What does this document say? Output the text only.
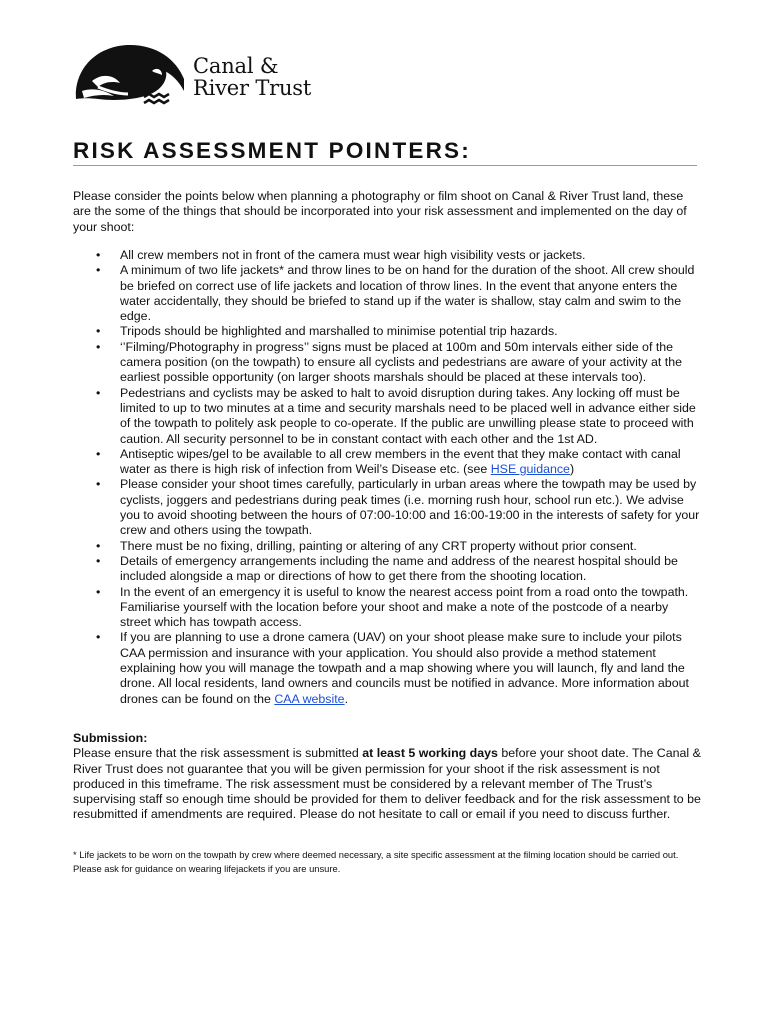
Canal &
River Trust
RISK ASSESSMENT POINTERS:

Please consider the points below when planning a photography or film shoot on Canal & River Trust land, these are the some of the things that should be incorporated into your risk assessment and implemented on the day of your shoot:

• All crew members not in front of the camera must wear high visibility vests or jackets.
• A minimum of two life jackets* and throw lines to be on hand for the duration of the shoot. All crew should be briefed on correct use of life jackets and location of throw lines. In the event that anyone enters the water accidentally, they should be briefed to stand up if the water is shallow, stay calm and swim to the edge.
• Tripods should be highlighted and marshalled to minimise potential trip hazards.
• ‘’Filming/Photography in progress’’ signs must be placed at 100m and 50m intervals either side of the camera position (on the towpath) to ensure all cyclists and pedestrians are aware of your activity at the earliest possible opportunity (on larger shoots marshals should be placed at these intervals too).
• Pedestrians and cyclists may be asked to halt to avoid disruption during takes. Any locking off must be limited to up to two minutes at a time and security marshals need to be placed well in advance either side of the towpath to politely ask people to co-operate. If the public are unwilling please state to proceed with caution. All security personnel to be in constant contact with each other and the 1st AD.
• Antiseptic wipes/gel to be available to all crew members in the event that they make contact with canal water as there is high risk of infection from Weil’s Disease etc. (see HSE guidance)
• Please consider your shoot times carefully, particularly in urban areas where the towpath may be used by cyclists, joggers and pedestrians during peak times (i.e. morning rush hour, school run etc.). We advise you to avoid shooting between the hours of 07:00-10:00 and 16:00-19:00 in the interests of safety for your crew and others using the towpath.
• There must be no fixing, drilling, painting or altering of any CRT property without prior consent.
• Details of emergency arrangements including the name and address of the nearest hospital should be included alongside a map or directions of how to get there from the shooting location.
• In the event of an emergency it is useful to know the nearest access point from a road onto the towpath. Familiarise yourself with the location before your shoot and make a note of the postcode of a nearby street which has towpath access.
• If you are planning to use a drone camera (UAV) on your shoot please make sure to include your pilots CAA permission and insurance with your application. You should also provide a method statement explaining how you will manage the towpath and a map showing where you will launch, fly and land the drone. All local residents, land owners and councils must be notified in advance. More information about drones can be found on the CAA website.
Submission:

Please ensure that the risk assessment is submitted at least 5 working days before your shoot date. The Canal & River Trust does not guarantee that you will be given permission for your shoot if the risk assessment is not produced in this timeframe. The risk assessment must be considered by a relevant member of The Trust’s supervising staff so enough time should be provided for them to deliver feedback and for the risk assessment to be resubmitted if amendments are required. Please do not hesitate to call or email if you need to discuss further.

* Life jackets to be worn on the towpath by crew where deemed necessary, a site specific assessment at the filming location should be carried out. Please ask for guidance on wearing lifejackets if you are unsure.
